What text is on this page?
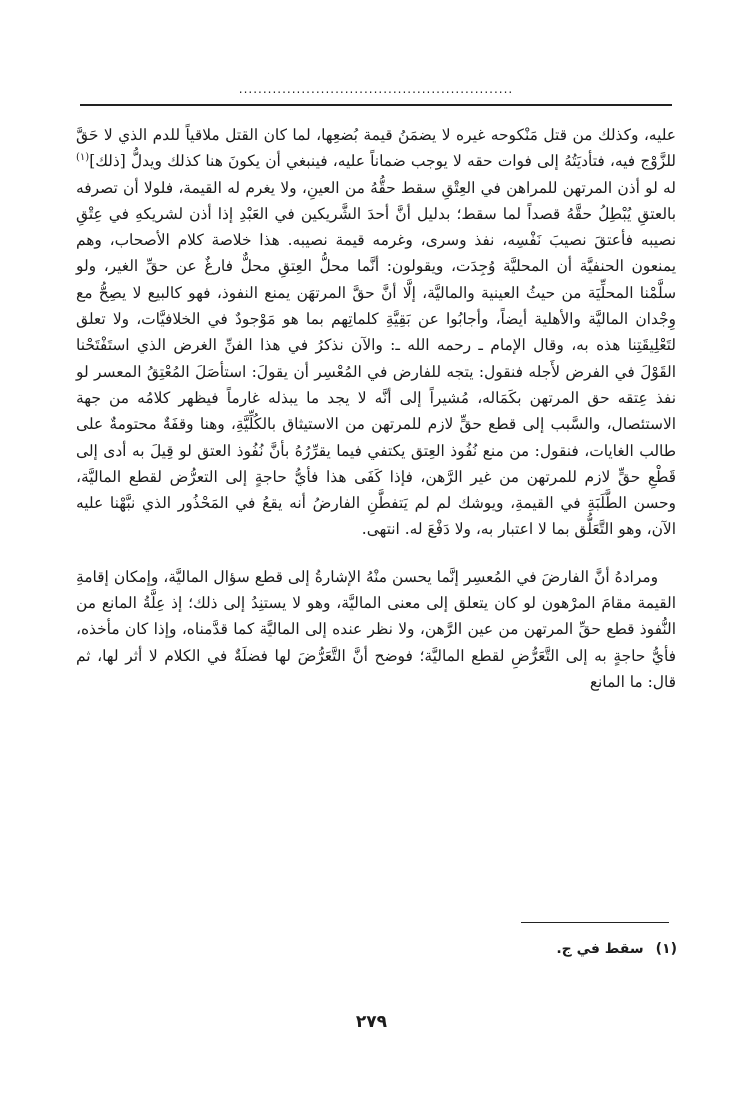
.........................................................

عليه، وكذلك من قتل مَنْكوحه غيره لا يضمَنُ قيمة بُضعِها، لما كان القتل ملاقياً للدم الذي لا حَقَّ للزَّوْج فيه، فتأديَتُهُ إلى فوات حقه لا يوجب ضماناً عليه، فينبغي أن يكونَ هنا كذلك ويدلُّ [ذلك]$^{(١)}$ له لو أذن المرتهن للمراهن في العِتْقِ سقط حقُّهُ من العينِ، ولا يغرم له القيمة، فلولا أن تصرفه بالعتقِ يُبْطِلُ حقَّهُ قصداً لما سقط؛ بدليل أنَّ أحدَ الشَّريكين في العَبْدِ إذا أذن لشريكهِ في عِتْقِ نصيبه فأعتقَ نصيبَ نَفْسِه، نفذ وسرى، وغرمه قيمة نصيبه. هذا خلاصة كلام الأصحاب، وهم يمنعون الحنفيَّة أن المحليَّة وُجِدَت، ويقولون: أنَّما محلُّ العِتقِ محلٌّ فارغٌ عن حقِّ الغير، ولو سلَّمْنا المحلِّيَة من حيثُ العينية والماليَّة، إلَّا أنَّ حقَّ المرتهَن يمنع النفوذ، فهو كالبيع لا يصِحُّ مع وِجْدان الماليَّة والأهلية أيضاً، وأجابُوا عن بَقِيَّةِ كلماتِهم بما هو مَوْجودٌ في الخلافيَّات، ولا تعلق لتَعْلِيقَتِنا هذه به، وقال الإمام ـ رحمه الله ـ: والآن نذكرُ في هذا الفنِّ الغرض الذي استَفْتَحْنا القَوْلَ في الفرض لأَجله فنقول: يتجه للفارض في المُعْسِر أن يقولَ: استأصَلَ المُعْتِقُ المعسر لو نفذ عِتقه حق المرتهن بكَمَاله، مُشيراً إلى أنَّه لا يجد ما يبذله غارماً فيظهر كلامُه من جهة الاستئصال، والسَّبب إلى قطع حقٍّ لازم للمرتهن من الاستيثاق بالكُلِّيَّةِ، وهنا وقفَةٌ محتومةٌ على طالب الغايات، فنقول: من منع نُفُوذ العِتق يكتفي فيما يقرِّرُهُ بأنَّ نُفُوذ العتق لو قِيلَ به أدى إلى قَطْعِ حقٍّ لازم للمرتهن من غير الرَّهن، فإذا كَفَى هذا فأيُّ حاجةٍ إلى التعرُّض لقطع الماليَّة، وحسن الطَّلَبَةِ في القيمةِ، ويوشك لم لم يَتفطَّنِ الفارضُ أنه يقعُ في المَحْذُور الذي نبَّهْنا عليه الآن، وهو التَّعَلُّق بما لا اعتبار به، ولا دَفْعَ له. انتهى.

ومرادهُ أنَّ الفارضَ في المُعسِر إنَّما يحسن منْهُ الإشارةُ إلى قطع سؤال الماليَّة، وإمكان إقامةِ القيمة مقامَ المرْهون لو كان يتعلق إلى معنى الماليَّة، وهو لا يستنِدُ إلى ذلك؛ إذ عِلَّةُ المانع من النُّفوذ قطع حقِّ المرتهن من عين الرَّهن، ولا نظر عنده إلى الماليَّة كما قدَّمناه، وإذا كان مأخذه، فأيُّ حاجةٍ به إلى التَّعَرُّضِ لقطع الماليَّة؛ فوضح أنَّ التَّعَرُّضَ لها فضلَةٌ في الكلام لا أثر لها، ثم قال: ما المانع

(١)سقط في ج.
٢٧٩
